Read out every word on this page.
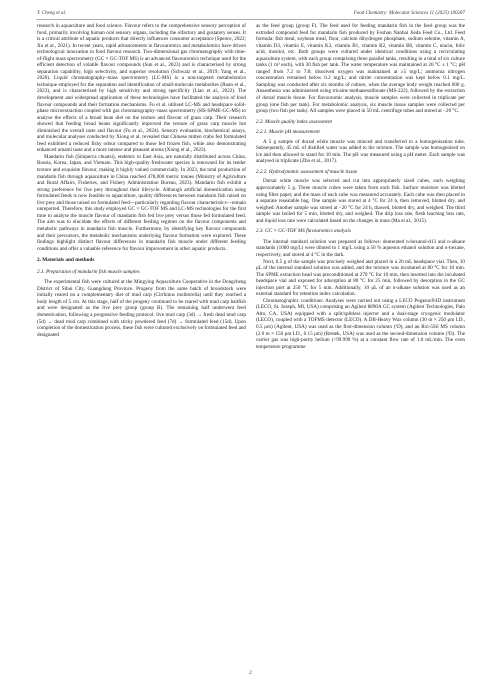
Y. Cheng et al.	Food Chemistry: Molecular Sciences 11 (2025) 100287

research in aquaculture and food science. Flavour refers to the comprehensive sensory perception of food, primarily involving human oral sensory organs, including the olfactory and gustatory senses. It is a critical attribute of aquatic products that directly influences consumer acceptance (Spence, 2022; Xu et al., 2021). In recent years, rapid advancements in flavouromics and metabolomics have driven technological innovation in food flavour research. Two-dimensional gas chromatography with time-of-flight mass spectrometry (GC × GC-TOF MS) is an advanced flavouromics technique used for the efficient detection of volatile flavour compounds (Sun et al., 2023) and is characterised by strong separation capability, high selectivity, and superior resolution (Schwaiz et al., 2019; Yang et al., 2020). Liquid chromatography–mass spectrometry (LC-MS) is a non-targeted metabolomics technique employed for the separation and identification of small-molecule metabolites (Ruan et al., 2023), and is characterised by high sensitivity and strong specificity (Liao et al., 2022). The development and widespread application of these technologies have facilitated the analysis of food flavour compounds and their formation mechanisms. Fu et al. utilised LC-MS and headspace solid-phase microextraction coupled with gas chromatography–mass spectrometry (HS-SPME-GC-MS) to analyse the effects of a broad bean diet on the texture and flavour of grass carp. Their research showed that feeding broad beans significantly improved the texture of grass carp muscle but diminished the overall taste and flavour (Fu et al., 2024). Sensory evaluation, biochemical assays, and molecular analyses conducted by Xiong et al. revealed that Chinese mitten crabs fed formulated feed exhibited a reduced fishy odour compared to those fed frozen fish, while also demonstrating enhanced umami taste and a more intense and pleasant aroma (Xiong et al., 2023).

Mandarin fish (Siniperca chuatsi), endemic to East Asia, are naturally distributed across China, Russia, Korea, Japan, and Vietnam. This high-quality freshwater species is renowned for its tender texture and exquisite flavour, making it highly valued commercially. In 2023, the total production of mandarin fish through aquaculture in China reached 478,000 metric tonnes (Ministry of Agriculture and Rural Affairs, Fisheries, and Fishery Administration Bureau, 2023). Mandarin fish exhibit a strong preference for live prey throughout their lifecycle. Although artificial domestication using formulated feeds is now feasible in aquaculture, quality differences between mandarin fish raised on live prey and those raised on formulated feed—particularly regarding flavour characteristics—remain unreported. Therefore, this study employed GC × GC-TOF MS and LC-MS technologies for the first time to analyse the muscle flavour of mandarin fish fed live prey versus those fed formulated feed. The aim was to elucidate the effects of different feeding regimes on the flavour components and metabolic pathways in mandarin fish muscle. Furthermore, by identifying key flavour compounds and their precursors, the metabolic mechanisms underlying flavour formation were explored. These findings highlight distinct flavour differences in mandarin fish muscle under different feeding conditions and offer a valuable reference for flavour improvement in other aquatic products.

2. Materials and methods
2.1. Preparation of mandarin fish muscle samples

The experimental fish were cultured at the Mingying Aquaculture Cooperative in the Dongcheng District of Sihui City, Guangdong Province. Progeny from the same batch of broodstock were initially reared on a complementary diet of mud carp (Cirrhinus molitorella) until they reached a body length of 5 cm. At this stage, half of the progeny continued to be reared with mud carp baitfish and were designated as the live prey group (group B). The remaining half underwent feed domestication, following a progressive feeding protocol: live mud carp (3d) → fresh dead mud carp (5d) → dead mud carp combined with sticky powdered feed (7d) → formulated feed (15d). Upon completion of the domestication process, these fish were cultured exclusively on formulated feed and designated

as the feed group (group F). The feed used for feeding mandarin fish in the feed group was the extruded compound feed for mandarin fish produced by Foshan Nanhai Jieda Feed Co., Ltd. Feed formula: fish meal, soybean meal, flour, calcium dihydrogen phosphate, sodium selenite, vitamin A, vitamin D3, vitamin E, vitamin K3, vitamin B1, vitamin B2, vitamin B6, vitamin C, niacin, folic acid, inositol, etc. Both groups were cultured under identical conditions using a recirculating aquaculture system, with each group comprising three parallel tanks, resulting in a total of six culture tanks (1 m³ each), with 30 fish per tank. The water temperature was maintained at 26 °C ± 1 °C; pH ranged from 7.2 to 7.8; dissolved oxygen was maintained at ≥5 mg/L; ammonia nitrogen concentration remained below 0.2 mg/L; and nitrite concentration was kept below 0.1 mg/L. Sampling was conducted after six months of culture, when the average body weight reached 600 g. Anaesthesia was administered using tricaine methanesulfonate (MS-222), followed by the extraction of dorsal muscle tissue. For flavouromic analysis, muscle samples were collected in triplicate per group (one fish per tank). For metabolomic analysis, six muscle tissue samples were collected per group (two fish per tank). All samples were placed in 50 mL centrifuge tubes and stored at −20 °C.

2.2. Muscle quality index assessment
2.2.1. Muscle pH measurement

A 5 g sample of dorsal white muscle was minced and transferred to a homogenisation tube. Subsequently, 45 mL of distilled water was added to the mixture. The sample was homogenised on ice and then allowed to stand for 10 min. The pH was measured using a pH meter. Each sample was analysed in triplicate (Zhu et al., 2017).

2.2.2. Hydrodynamic assessment of muscle tissue

Dorsal white muscle was selected and cut into appropriately sized cubes, each weighing approximately 5 g. Three muscle cubes were taken from each fish. Surface moisture was blotted using filter paper, and the mass of each cube was measured accurately. Each cube was then placed in a separate resealable bag. One sample was stored at 4 °C for 24 h, then removed, blotted dry, and weighed. Another sample was stored at −20 °C for 24 h, thawed, blotted dry, and weighed. The third sample was boiled for 5 min, blotted dry, and weighed. The drip loss rate, flesh leaching loss rate, and liquid loss rate were calculated based on the changes in mass (Ma et al., 2015).

2.3. GC × GC-TOF MS flavouromics analysis

The internal standard solution was prepared as follows: deuterated n-hexanol-d13 and n-alkane standards (1000 mg/L) were diluted to 1 mg/L using a 50 % aqueous ethanol solution and n-hexane, respectively, and stored at 4 °C in the dark.

Next, 0.5 g of the sample was precisely weighed and placed in a 20 mL headspace vial. Then, 10 μL of the internal standard solution was added, and the mixture was incubated at 80 °C for 10 min. The SPME extraction head was preconditioned at 270 °C for 10 min, then inserted into the incubated headspace vial and exposed for adsorption at 80 °C for 25 min, followed by desorption in the GC injection port at 250 °C for 5 min. Additionally, 10 μL of an n-alkane solution was used as an external standard for retention index calculation.

Chromatographic conditions: Analyses were carried out using a LECO Pegasus®4D instrument (LECO, St. Joseph, MI, USA) comprising an Agilent 8890A GC system (Agilent Technologies, Palo Alto, CA, USA) equipped with a split/splitless injector and a dual-stage cryogenic modulator (LECO), coupled with a TOFMS detector (LECO). A DB-Heavy Wax column (30 m × 250 μm I.D., 0.5 μm) (Agilent, USA) was used as the first-dimension column (¹D), and an Rxi-5Sil MS column (2.0 m × 150 μm I.D., 0.15 μm) (Restek, USA) was used as the second-dimension column (²D). The carrier gas was high-purity helium (>99.999 %) at a constant flow rate of 1.0 mL/min. The oven temperature programme

2
